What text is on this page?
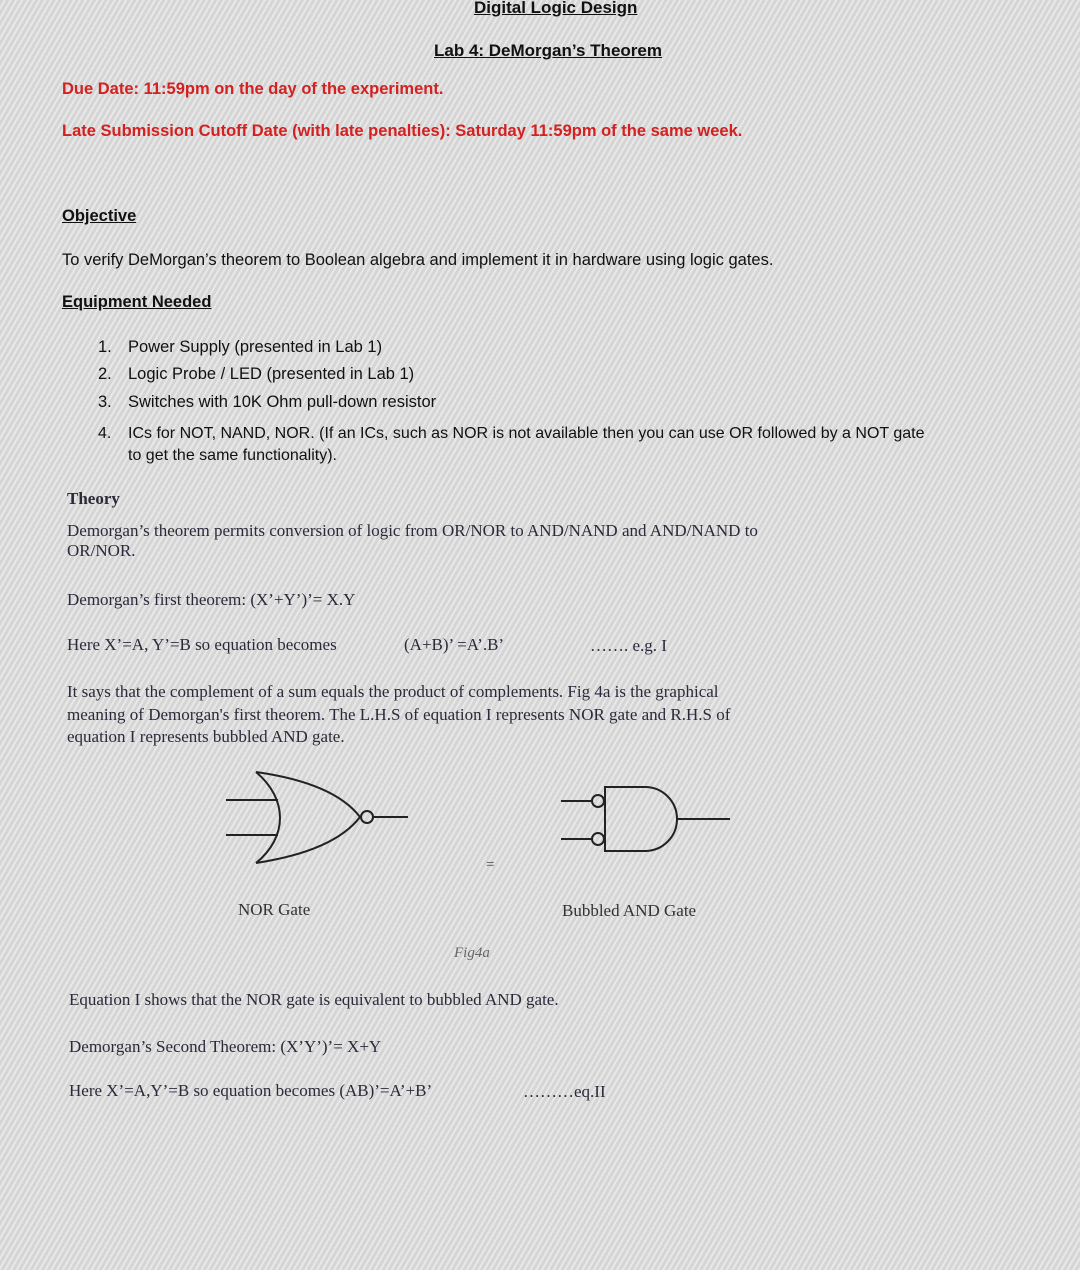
Digital Logic Design
Lab 4: DeMorgan’s Theorem
Due Date: 11:59pm on the day of the experiment.
Late Submission Cutoff Date (with late penalties): Saturday 11:59pm of the same week.
Objective
To verify DeMorgan’s theorem to Boolean algebra and implement it in hardware using logic gates.
Equipment Needed
1. Power Supply (presented in Lab 1)
2. Logic Probe / LED (presented in Lab 1)
3. Switches with 10K Ohm pull-down resistor
4. ICs for NOT, NAND, NOR. (If an ICs, such as NOR is not available then you can use OR followed by a NOT gate
to get the same functionality).
Theory
Demorgan’s theorem permits conversion of logic from OR/NOR to AND/NAND and AND/NAND to
OR/NOR.
Demorgan’s first theorem: (X’+Y’)’= X.Y
Here X’=A, Y’=B so equation becomes	(A+B)’ =A’.B’	……. e.g. I
It says that the complement of a sum equals the product of complements. Fig 4a is the graphical
meaning of Demorgan's first theorem. The L.H.S of equation I represents NOR gate and R.H.S of
equation I represents bubbled AND gate.
=
NOR Gate	Bubbled AND Gate
Fig4a
Equation I shows that the NOR gate is equivalent to bubbled AND gate.
Demorgan’s Second Theorem: (X’Y’)’= X+Y
Here X’=A,Y’=B so equation becomes (AB)’=A’+B’	………eq.II
